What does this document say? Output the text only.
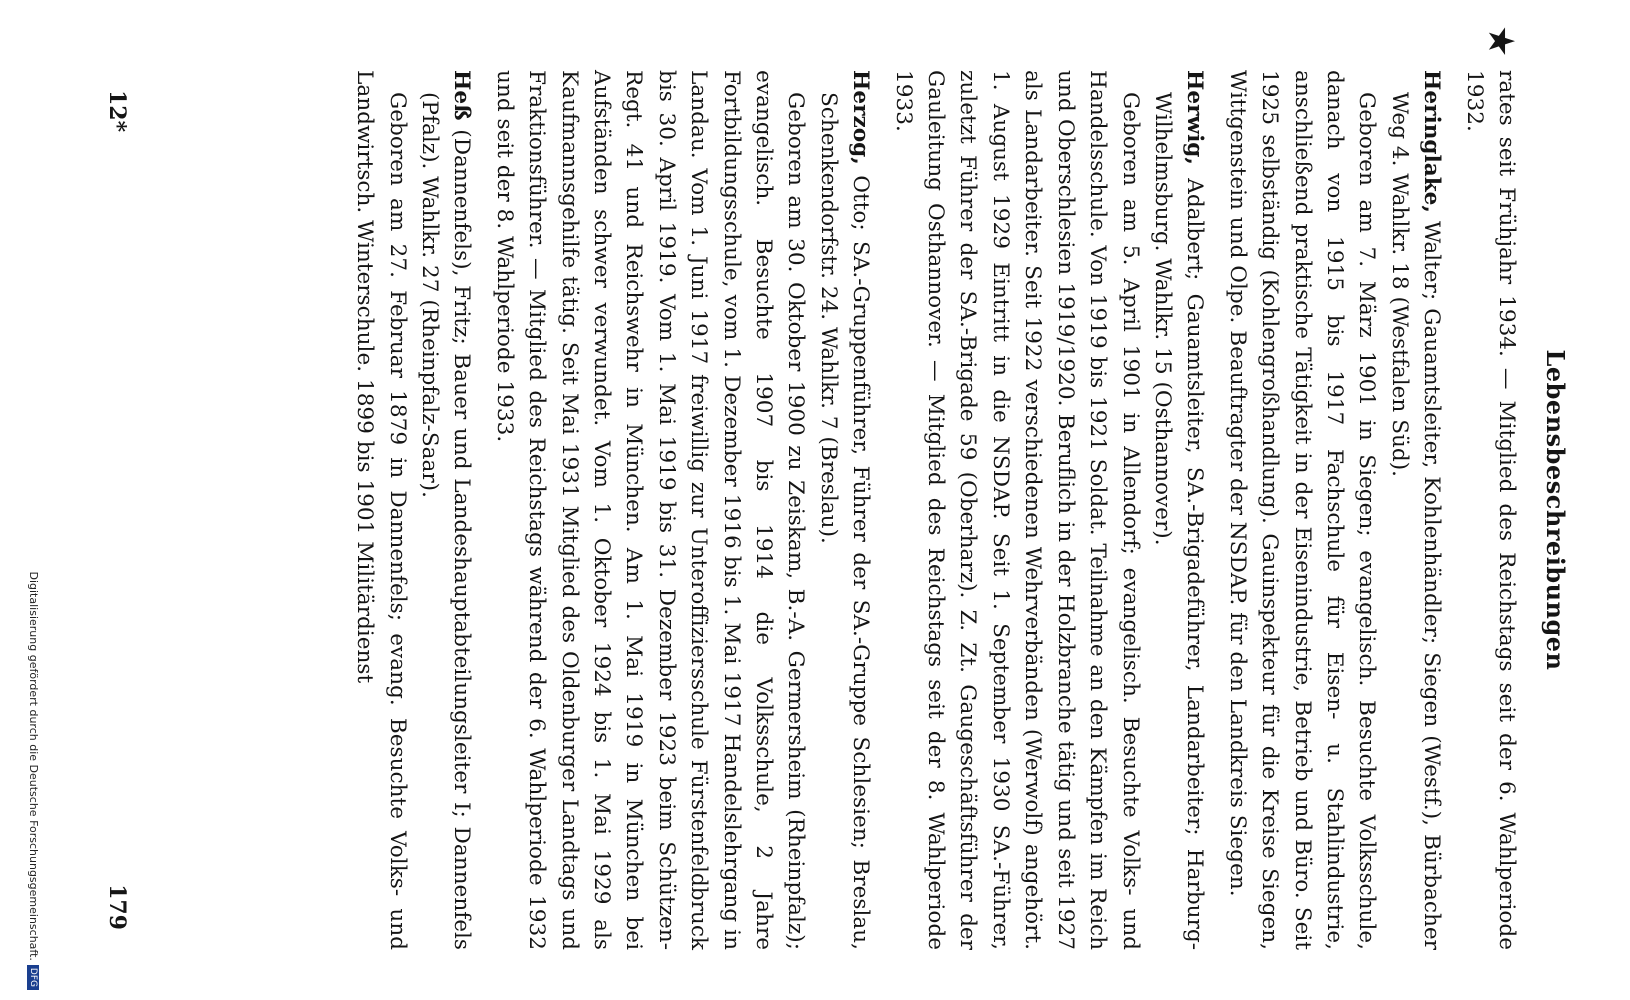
Lebensbeschreibungen
★

rates seit Frühjahr 1934. — Mitglied des Reichstags seit der 6. Wahlperiode 1932.

Heringlake, Walter; Gauamtsleiter, Kohlenhändler; Siegen (Westf.), Bürbacher Weg 4. Wahlkr. 18 (Westfalen Süd).

Geboren am 7. März 1901 in Siegen; evangelisch. Besuchte Volksschule, danach von 1915 bis 1917 Fachschule für Eisen- u. Stahlindustrie, anschließend praktische Tätigkeit in der Eisenindustrie, Betrieb und Büro. Seit 1925 selbständig (Kohlengroßhandlung). Gauinspekteur für die Kreise Siegen, Wittgenstein und Olpe. Beauftragter der NSDAP. für den Landkreis Siegen.

Herwig, Adalbert; Gauamtsleiter, SA.-Brigadeführer, Landarbeiter; Harburg-Wilhelmsburg. Wahlkr. 15 (Osthannover).

Geboren am 5. April 1901 in Allendorf; evangelisch. Besuchte Volks- und Handelsschule. Von 1919 bis 1921 Soldat. Teilnahme an den Kämpfen im Reich und Oberschlesien 1919/1920. Beruflich in der Holzbranche tätig und seit 1927 als Landarbeiter. Seit 1922 verschiedenen Wehrverbänden (Werwolf) angehört. 1. August 1929 Eintritt in die NSDAP. Seit 1. September 1930 SA.-Führer, zuletzt Führer der SA.-Brigade 59 (Oberharz). Z. Zt. Gaugeschäftsführer der Gauleitung Osthannover. — Mitglied des Reichstags seit der 8. Wahlperiode 1933.

Herzog, Otto; SA.-Gruppenführer, Führer der SA.-Gruppe Schlesien; Breslau, Schenkendorfstr. 24. Wahlkr. 7 (Breslau).

Geboren am 30. Oktober 1900 zu Zeiskam, B.-A. Germersheim (Rheinpfalz); evangelisch. Besuchte 1907 bis 1914 die Volksschule, 2 Jahre Fortbildungsschule, vom 1. Dezember 1916 bis 1. Mai 1917 Handelslehrgang in Landau. Vom 1. Juni 1917 freiwillig zur Unteroffiziersschule Fürstenfeldbruck bis 30. April 1919. Vom 1. Mai 1919 bis 31. Dezember 1923 beim Schützen-Regt. 41 und Reichswehr in München. Am 1. Mai 1919 in München bei Aufständen schwer verwundet. Vom 1. Oktober 1924 bis 1. Mai 1929 als Kaufmannsgehilfe tätig. Seit Mai 1931 Mitglied des Oldenburger Landtags und Fraktionsführer. — Mitglied des Reichstags während der 6. Wahlperiode 1932 und seit der 8. Wahlperiode 1933.

Heß (Dannenfels), Fritz; Bauer und Landeshauptabteilungsleiter I; Dannenfels (Pfalz). Wahlkr. 27 (Rheinpfalz-Saar).

Geboren am 27. Februar 1879 in Dannenfels; evang. Besuchte Volks- und Landwirtsch. Winterschule. 1899 bis 1901 Militärdienst

12*
179
Digitalisierung gefördert durch die Deutsche Forschungsgemeinschaft.DFG
